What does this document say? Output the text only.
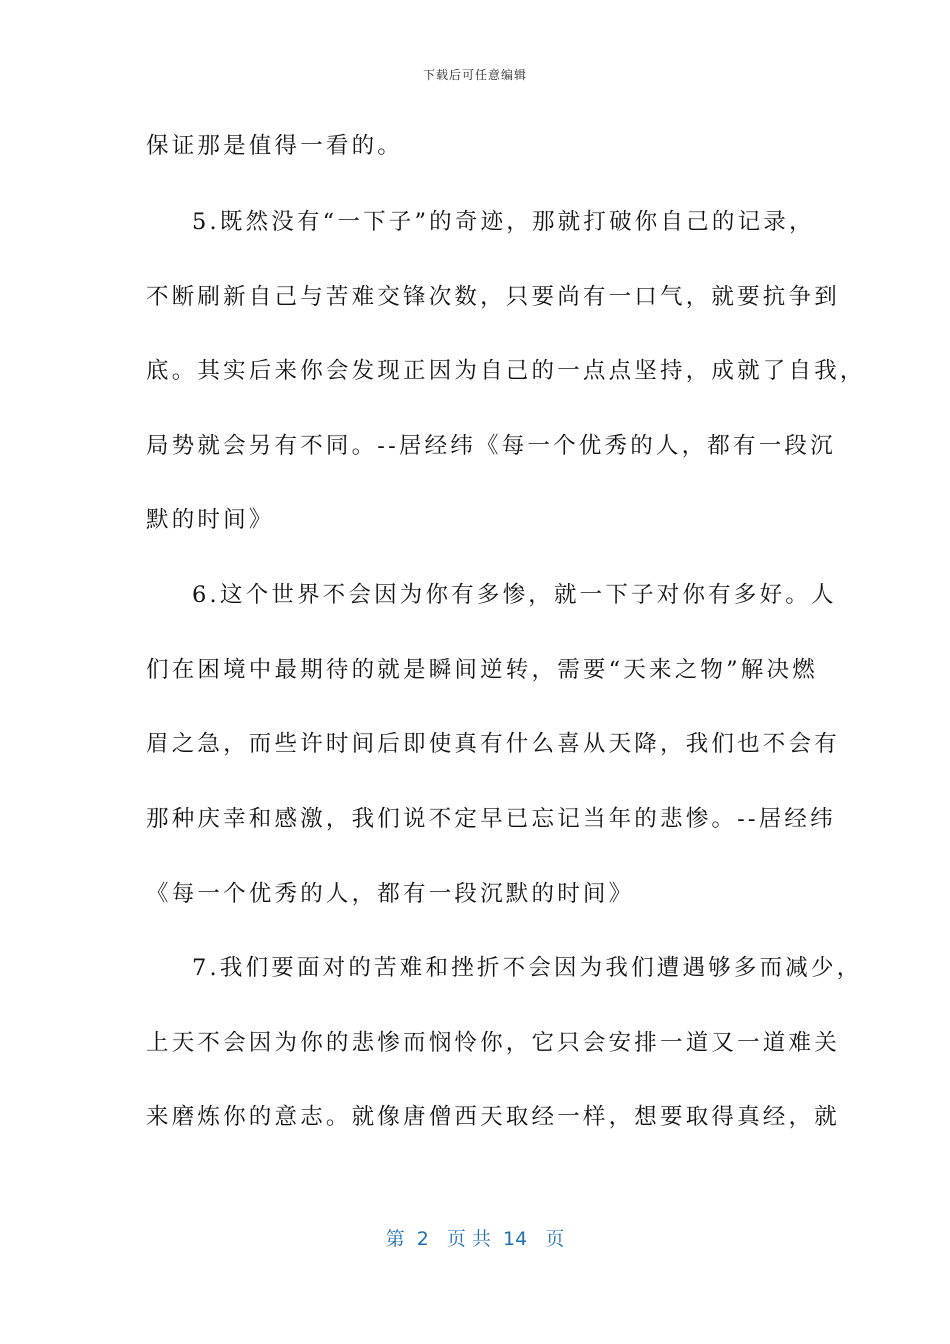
下载后可任意编辑
保证那是值得一看的。
5.既然没有“一下子”的奇迹，那就打破你自己的记录，
不断刷新自己与苦难交锋次数，只要尚有一口气，就要抗争到
底。其实后来你会发现正因为自己的一点点坚持，成就了自我，
局势就会另有不同。--居经纬《每一个优秀的人，都有一段沉
默的时间》
6.这个世界不会因为你有多惨，就一下子对你有多好。人
们在困境中最期待的就是瞬间逆转，需要“天来之物”解决燃
眉之急，而些许时间后即使真有什么喜从天降，我们也不会有
那种庆幸和感激，我们说不定早已忘记当年的悲惨。--居经纬
《每一个优秀的人，都有一段沉默的时间》
7.我们要面对的苦难和挫折不会因为我们遭遇够多而减少，
上天不会因为你的悲惨而悯怜你，它只会安排一道又一道难关
来磨炼你的意志。就像唐僧西天取经一样，想要取得真经，就
第  2   页 共  14   页
